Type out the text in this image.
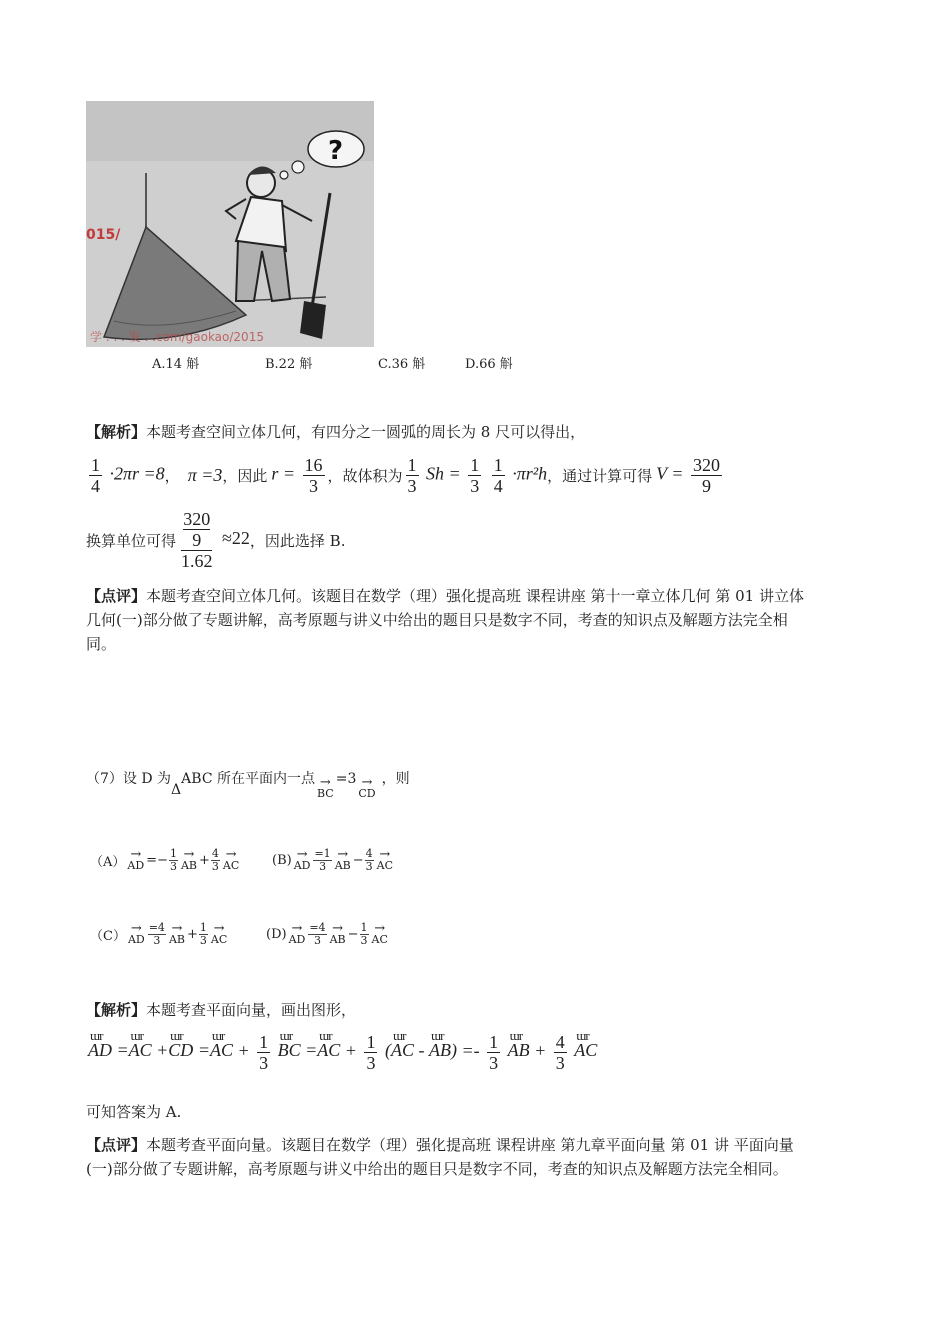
?
015/
学 . . . 发 . .com/gaokao/2015
A.14 斛	B.22 斛	C.36 斛	D.66 斛
【解析】本题考查空间立体几何，有四分之一圆弧的周长为 8 尺可以得出，
$\frac{1}{4} \cdot 2\pi r =8$ ， π =3 ，因此 $r = \frac{16}{3}$ ，故体积为 $\frac{1}{3}$ $Sh = \frac{1}{3}$
$\frac{1}{4} \cdot\pi r^2h$ ，通过计算可得 $V = \frac{320}{9}$
换算单位可得 320
9
1.62 ≈22 ，因此选择 B.
【点评】本题考查空间立体几何。该题目在数学（理）强化提高班 课程讲座 第十一章立体几何 第 01 讲立体
几何(一)部分做了专题讲解，高考原题与讲义中给出的题目只是数字不同，考查的知识点及解题方法完全相
同。
（7）设 D 为
Δ
ABC 所在平面内一点 →
BC
=3 →
CD
，则
（A）
→
AD = − $\frac{1}{3}$ →
AB + $\frac{4}{3}$ →
AC	(B) →
AD
=1
3
→
AB − $\frac{4}{3}$ →
AC
（C）
→
AD
=4
3
→
AB + $\frac{1}{3}$ →
AC	(D) →
AD
=4
3
→
AB − $\frac{1}{3}$ →
AC
【解析】本题考查平面向量，画出图形，
ɯr
AD
ɯr
=AC
ɯr
+CD
ɯr
$=AC + \frac{1}{3}$
ɯr
BC
ɯr
$=AC + \frac{1}{3}$
ɯr
(AC -
ɯr
$AB) =- \frac{1}{3}$
ɯr
AB + $\frac{4}{3}$
ɯr
AC
可知答案为 A.
【点评】本题考查平面向量。该题目在数学（理）强化提高班 课程讲座 第九章平面向量 第 01 讲 平面向量
(一)部分做了专题讲解，高考原题与讲义中给出的题目只是数字不同，考查的知识点及解题方法完全相同。
